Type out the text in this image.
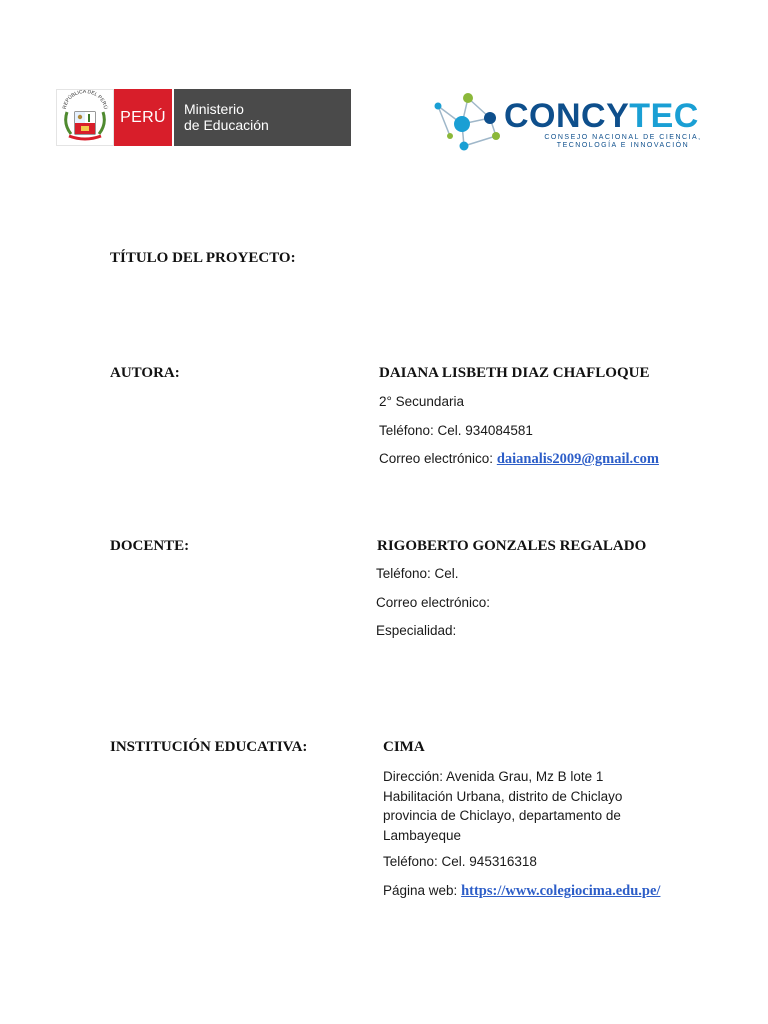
REPÚBLICA DEL PERÚ
PERÚ	Ministerio
de Educación	CONCYTEC
CONSEJO NACIONAL DE CIENCIA,
TECNOLOGÍA E INNOVACIÓN
TÍTULO DEL PROYECTO:
AUTORA:	DAIANA LISBETH DIAZ CHAFLOQUE
2° Secundaria
Teléfono: Cel. 934084581
Correo electrónico: daianalis2009@gmail.com
DOCENTE:	RIGOBERTO GONZALES REGALADO
Teléfono: Cel.
Correo electrónico:
Especialidad:
INSTITUCIÓN EDUCATIVA:	CIMA
Dirección: Avenida Grau, Mz B lote 1
Habilitación Urbana, distrito de Chiclayo
provincia de Chiclayo, departamento de
Lambayeque
Teléfono: Cel. 945316318
Página web: https://www.colegiocima.edu.pe/
